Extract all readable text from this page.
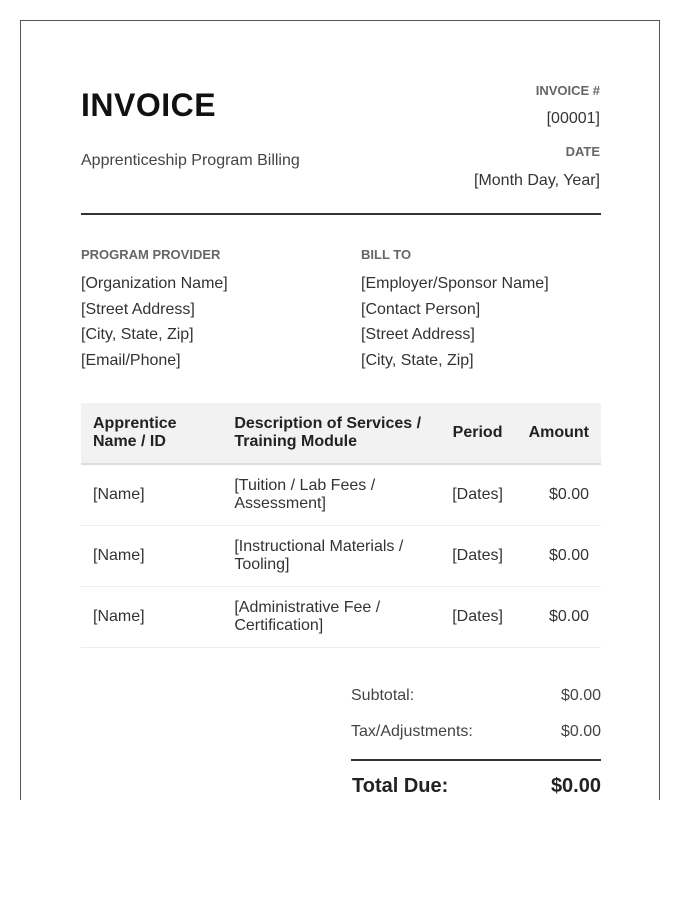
INVOICE
Apprenticeship Program Billing
INVOICE #
[00001]
DATE
[Month Day, Year]
PROGRAM PROVIDER
[Organization Name]
[Street Address]
[City, State, Zip]
[Email/Phone]
BILL TO
[Employer/Sponsor Name]
[Contact Person]
[Street Address]
[City, State, Zip]
Apprentice Name / ID	Description of Services / Training Module	Period	Amount
[Name]	[Tuition / Lab Fees / Assessment]	[Dates]	$0.00
[Name]	[Instructional Materials / Tooling]	[Dates]	$0.00
[Name]	[Administrative Fee / Certification]	[Dates]	$0.00
Subtotal:	$0.00
Tax/Adjustments:	$0.00
Total Due:	$0.00
